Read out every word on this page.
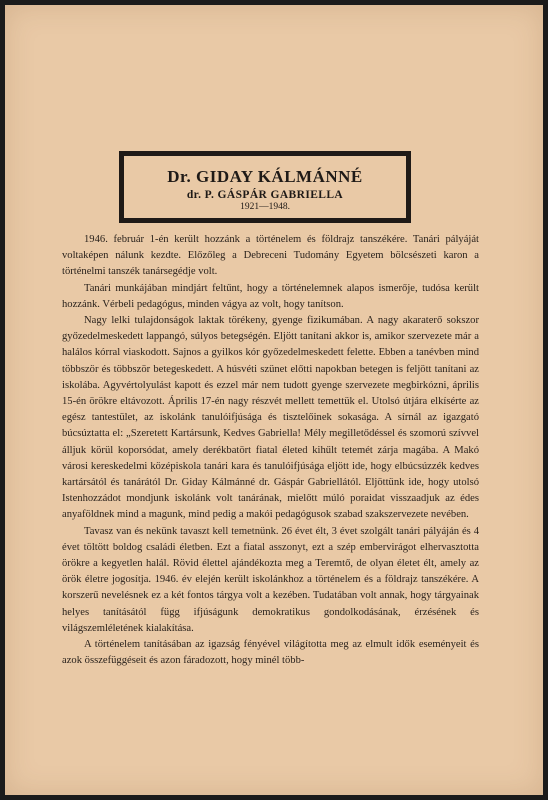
Dr. GIDAY KÁLMÁNNÉ
dr. P. GÁSPÁR GABRIELLA
1921—1948.

1946. február 1-én került hozzánk a történelem és földrajz tanszékére. Tanári pályáját voltaképen nálunk kezdte. Előzőleg a Debreceni Tudomány Egyetem bölcsészeti karon a történelmi tanszék tanársegédje volt.

Tanári munkájában mindjárt feltűnt, hogy a történelemnek alapos ismerője, tudósa került hozzánk. Vérbeli pedagógus, minden vágya az volt, hogy tanítson.

Nagy lelki tulajdonságok laktak törékeny, gyenge fizikumában. A nagy akaraterő sokszor győzedelmeskedett lappangó, súlyos betegségén. Eljött tanítani akkor is, amikor szervezete már a halálos kórral viaskodott. Sajnos a gyilkos kór győzedelmeskedett felette. Ebben a tanévben mind többször és többször betegeskedett. A húsvéti szünet előtti napokban betegen is feljött tanítani az iskolába. Agyvértolyulást kapott és ezzel már nem tudott gyenge szervezete megbirkózni, április 15-én örökre eltávozott. Április 17-én nagy részvét mellett temettük el. Utolsó útjára elkísérte az egész tantestület, az iskolánk tanulóifjúsága és tisztelőinek sokasága. A sírnál az igazgató búcsúztatta el: „Szeretett Kartársunk, Kedves Gabriella! Mély megilletődéssel és szomorú szívvel álljuk körül koporsódat, amely derékbatört fiatal életed kihűlt tetemét zárja magába. A Makó városi kereskedelmi középiskola tanári kara és tanulóifjúsága eljött ide, hogy elbúcsúzzék kedves kartársától és tanárától Dr. Giday Kálmánné dr. Gáspár Gabriellától. Eljöttünk ide, hogy utolsó Istenhozzádot mondjunk iskolánk volt tanárának, mielőtt múló poraidat visszaadjuk az édes anyaföldnek mind a magunk, mind pedig a makói pedagógusok szabad szakszervezete nevében.

Tavasz van és nekünk tavaszt kell temetnünk. 26 évet élt, 3 évet szolgált tanári pályáján és 4 évet töltött boldog családi életben. Ezt a fiatal asszonyt, ezt a szép embervirágot elhervasztotta örökre a kegyetlen halál. Rövid élettel ajándékozta meg a Teremtő, de olyan életet élt, amely az örök életre jogosítja. 1946. év elején került iskolánkhoz a történelem és a földrajz tanszékére. A korszerű nevelésnek ez a két fontos tárgya volt a kezében. Tudatában volt annak, hogy tárgyainak helyes tanításától függ ifjúságunk demokratikus gondolkodásának, érzésének és világszemléletének kialakítása.

A történelem tanításában az igazság fényével világította meg az elmult idők eseményeit és azok összefüggéseit és azon fáradozott, hogy minél több-
